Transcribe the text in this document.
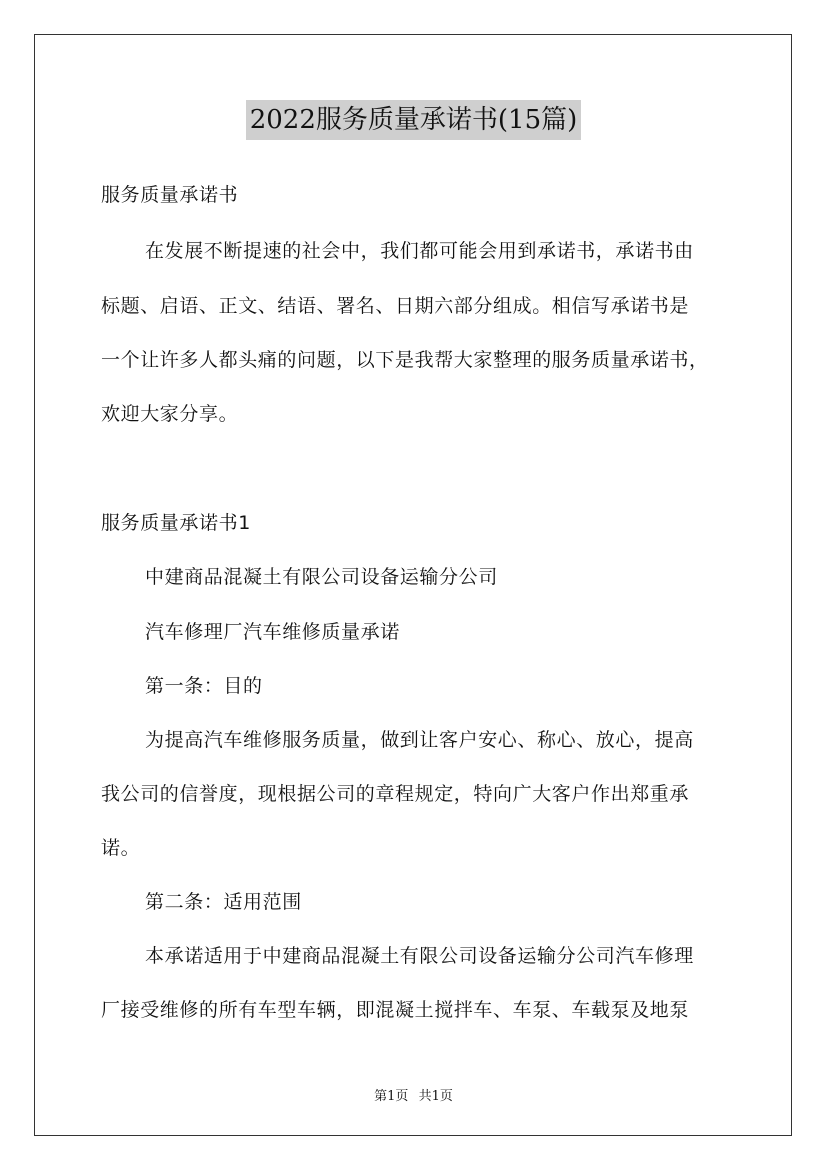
2022服务质量承诺书(15篇)
服务质量承诺书
在发展不断提速的社会中，我们都可能会用到承诺书，承诺书由
标题、启语、正文、结语、署名、日期六部分组成。相信写承诺书是
一个让许多人都头痛的问题，以下是我帮大家整理的服务质量承诺书，
欢迎大家分享。
服务质量承诺书1
中建商品混凝土有限公司设备运输分公司
汽车修理厂汽车维修质量承诺
第一条：目的
为提高汽车维修服务质量，做到让客户安心、称心、放心，提高
我公司的信誉度，现根据公司的章程规定，特向广大客户作出郑重承
诺。
第二条：适用范围
本承诺适用于中建商品混凝土有限公司设备运输分公司汽车修理
厂接受维修的所有车型车辆，即混凝土搅拌车、车泵、车载泵及地泵
第1页 共1页
